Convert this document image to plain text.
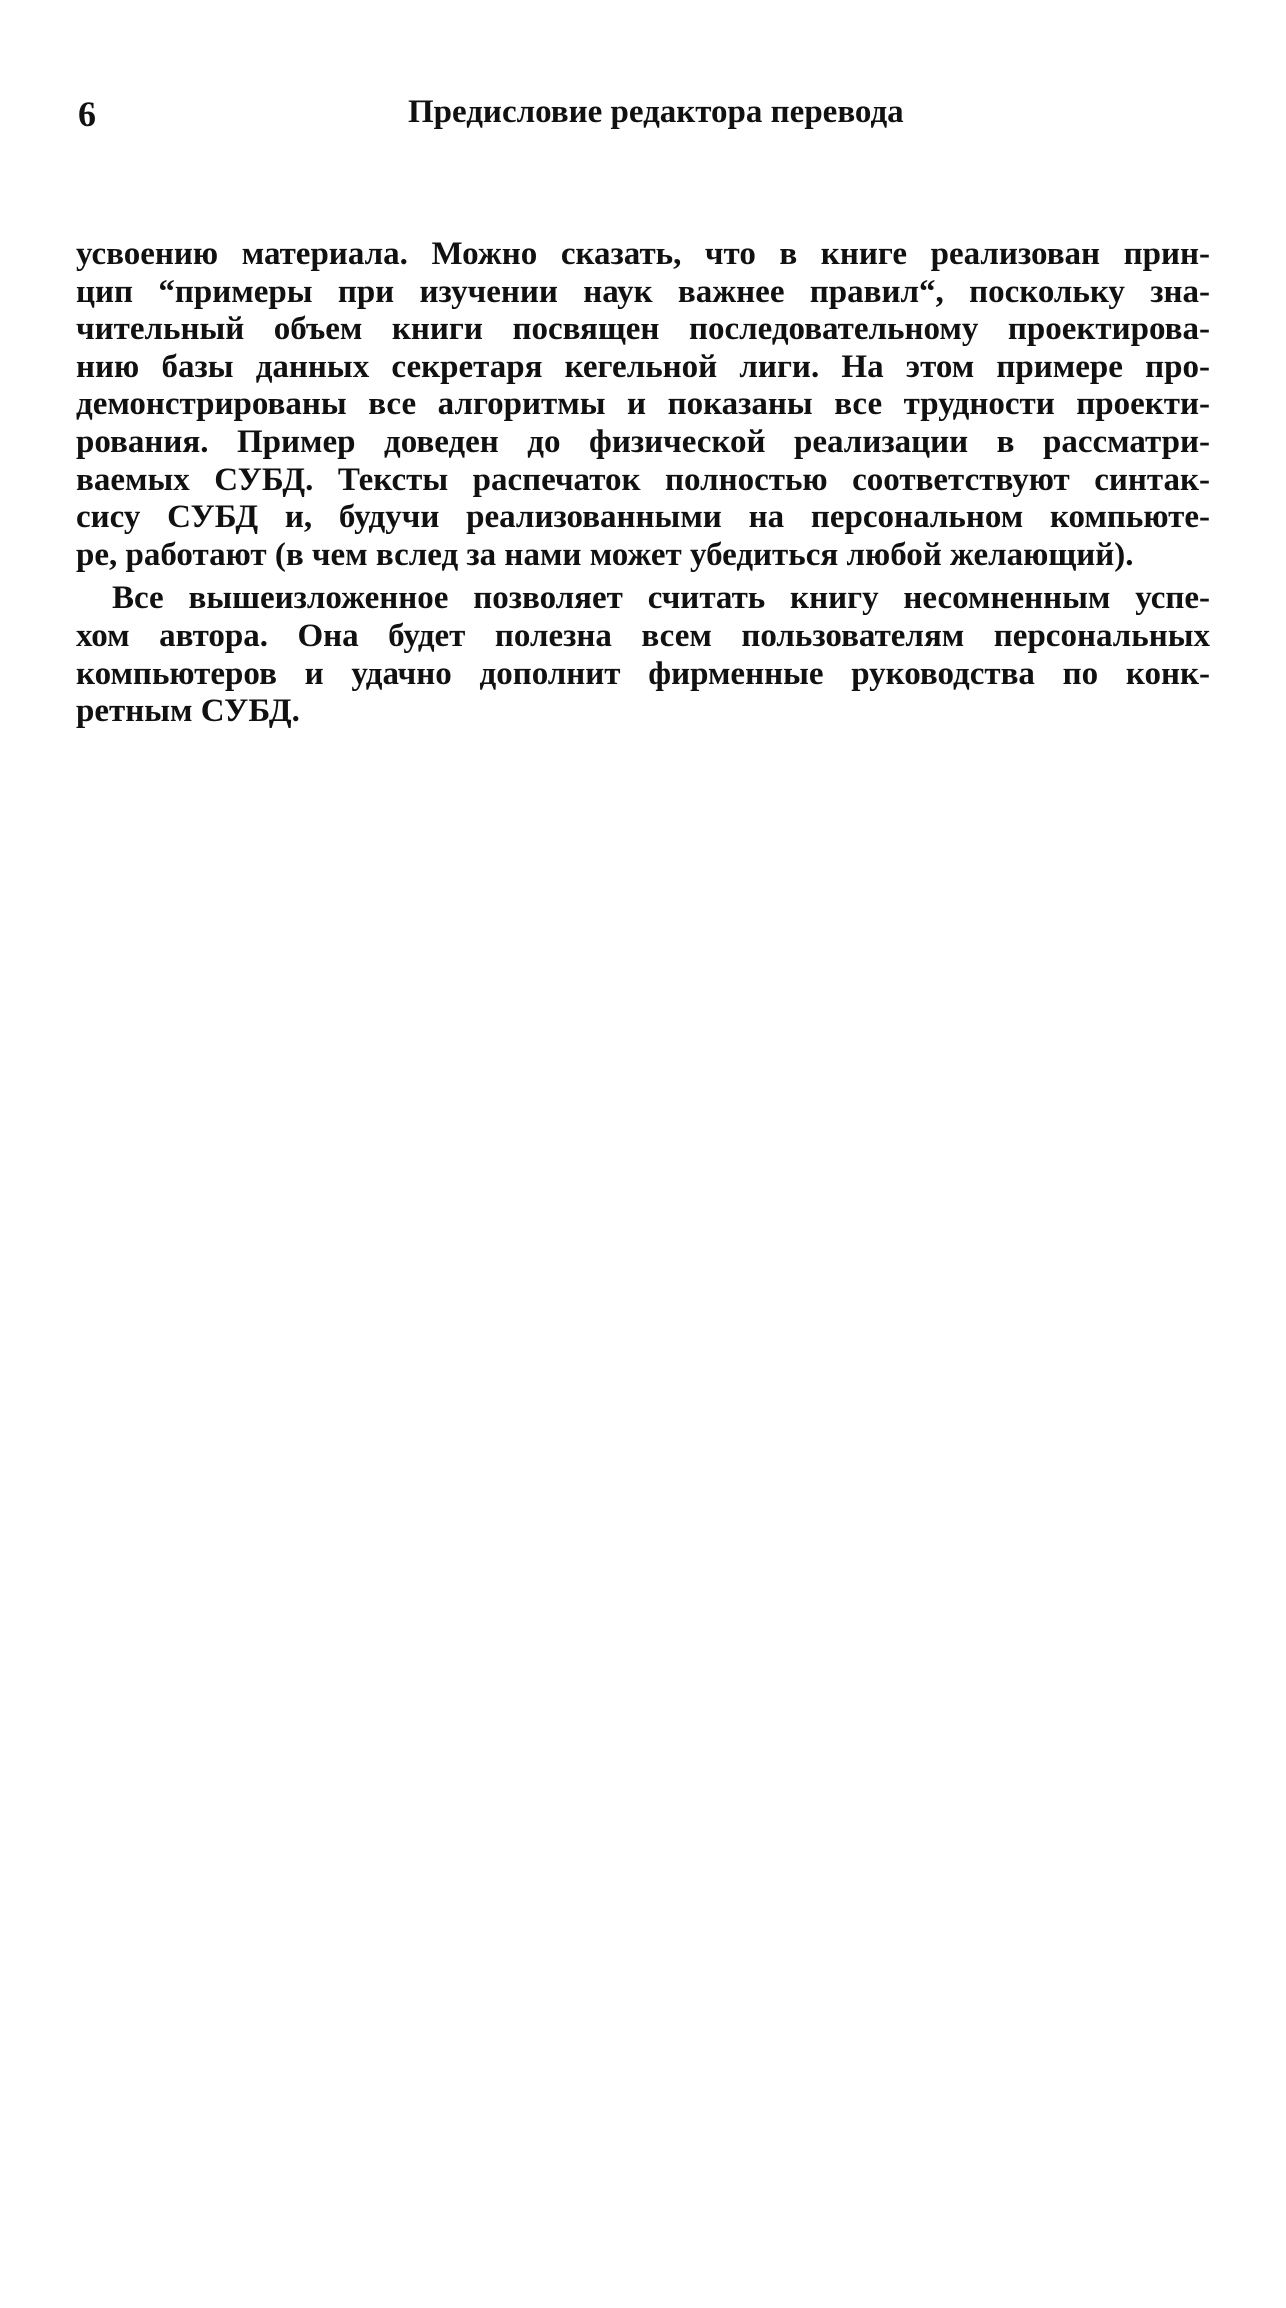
6	Предисловие редактора перевода

усвоению материала. Можно сказать, что в книге реализован прин-
цип “примеры при изучении наук важнее правил“, поскольку зна-
чительный объем книги посвящен последовательному проектирова-
нию базы данных секретаря кегельной лиги. На этом примере про-
демонстрированы все алгоритмы и показаны все трудности проекти-
рования. Пример доведен до физической реализации в рассматри-
ваемых СУБД. Тексты распечаток полностью соответствуют синтак-
сису СУБД и, будучи реализованными на персональном компьюте-
ре, работают (в чем вслед за нами может убедиться любой желающий).

Все вышеизложенное позволяет считать книгу несомненным успе-
хом автора. Она будет полезна всем пользователям персональных
компьютеров и удачно дополнит фирменные руководства по конк-
ретным СУБД.
